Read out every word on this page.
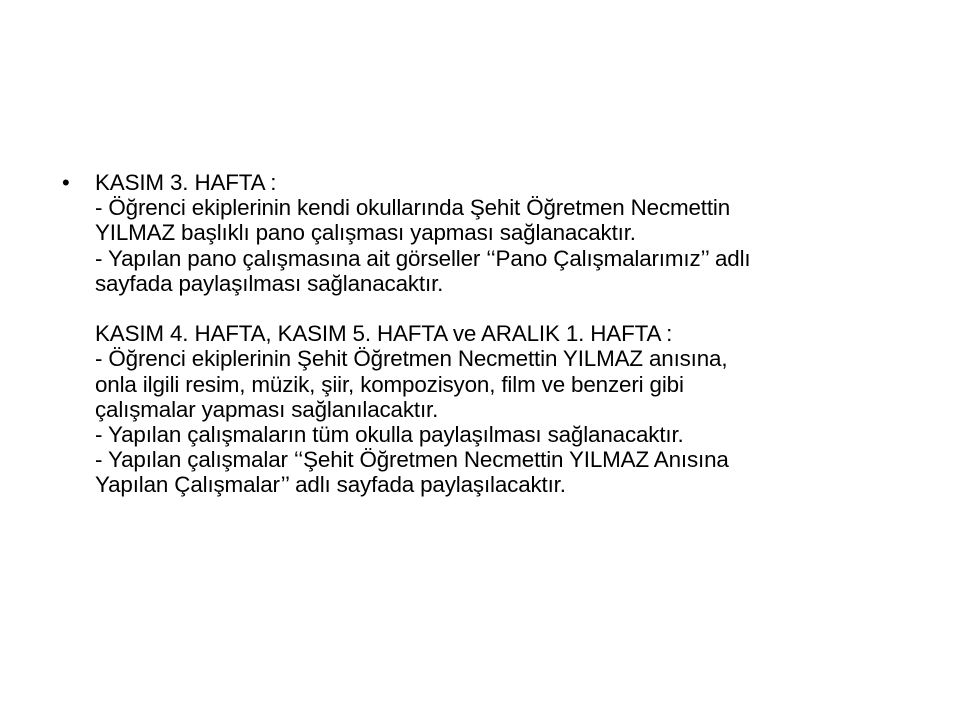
•	KASIM 3. HAFTA :
- Öğrenci ekiplerinin kendi okullarında Şehit Öğretmen Necmettin
YILMAZ başlıklı pano çalışması yapması sağlanacaktır.
- Yapılan pano çalışmasına ait görseller ‘‘Pano Çalışmalarımız’’ adlı
sayfada paylaşılması sağlanacaktır.
KASIM 4. HAFTA, KASIM 5. HAFTA ve ARALIK 1. HAFTA :
- Öğrenci ekiplerinin Şehit Öğretmen Necmettin YILMAZ anısına,
onla ilgili resim, müzik, şiir, kompozisyon, film ve benzeri gibi
çalışmalar yapması sağlanılacaktır.
- Yapılan çalışmaların tüm okulla paylaşılması sağlanacaktır.
- Yapılan çalışmalar ‘‘Şehit Öğretmen Necmettin YILMAZ Anısına
Yapılan Çalışmalar’’ adlı sayfada paylaşılacaktır.
